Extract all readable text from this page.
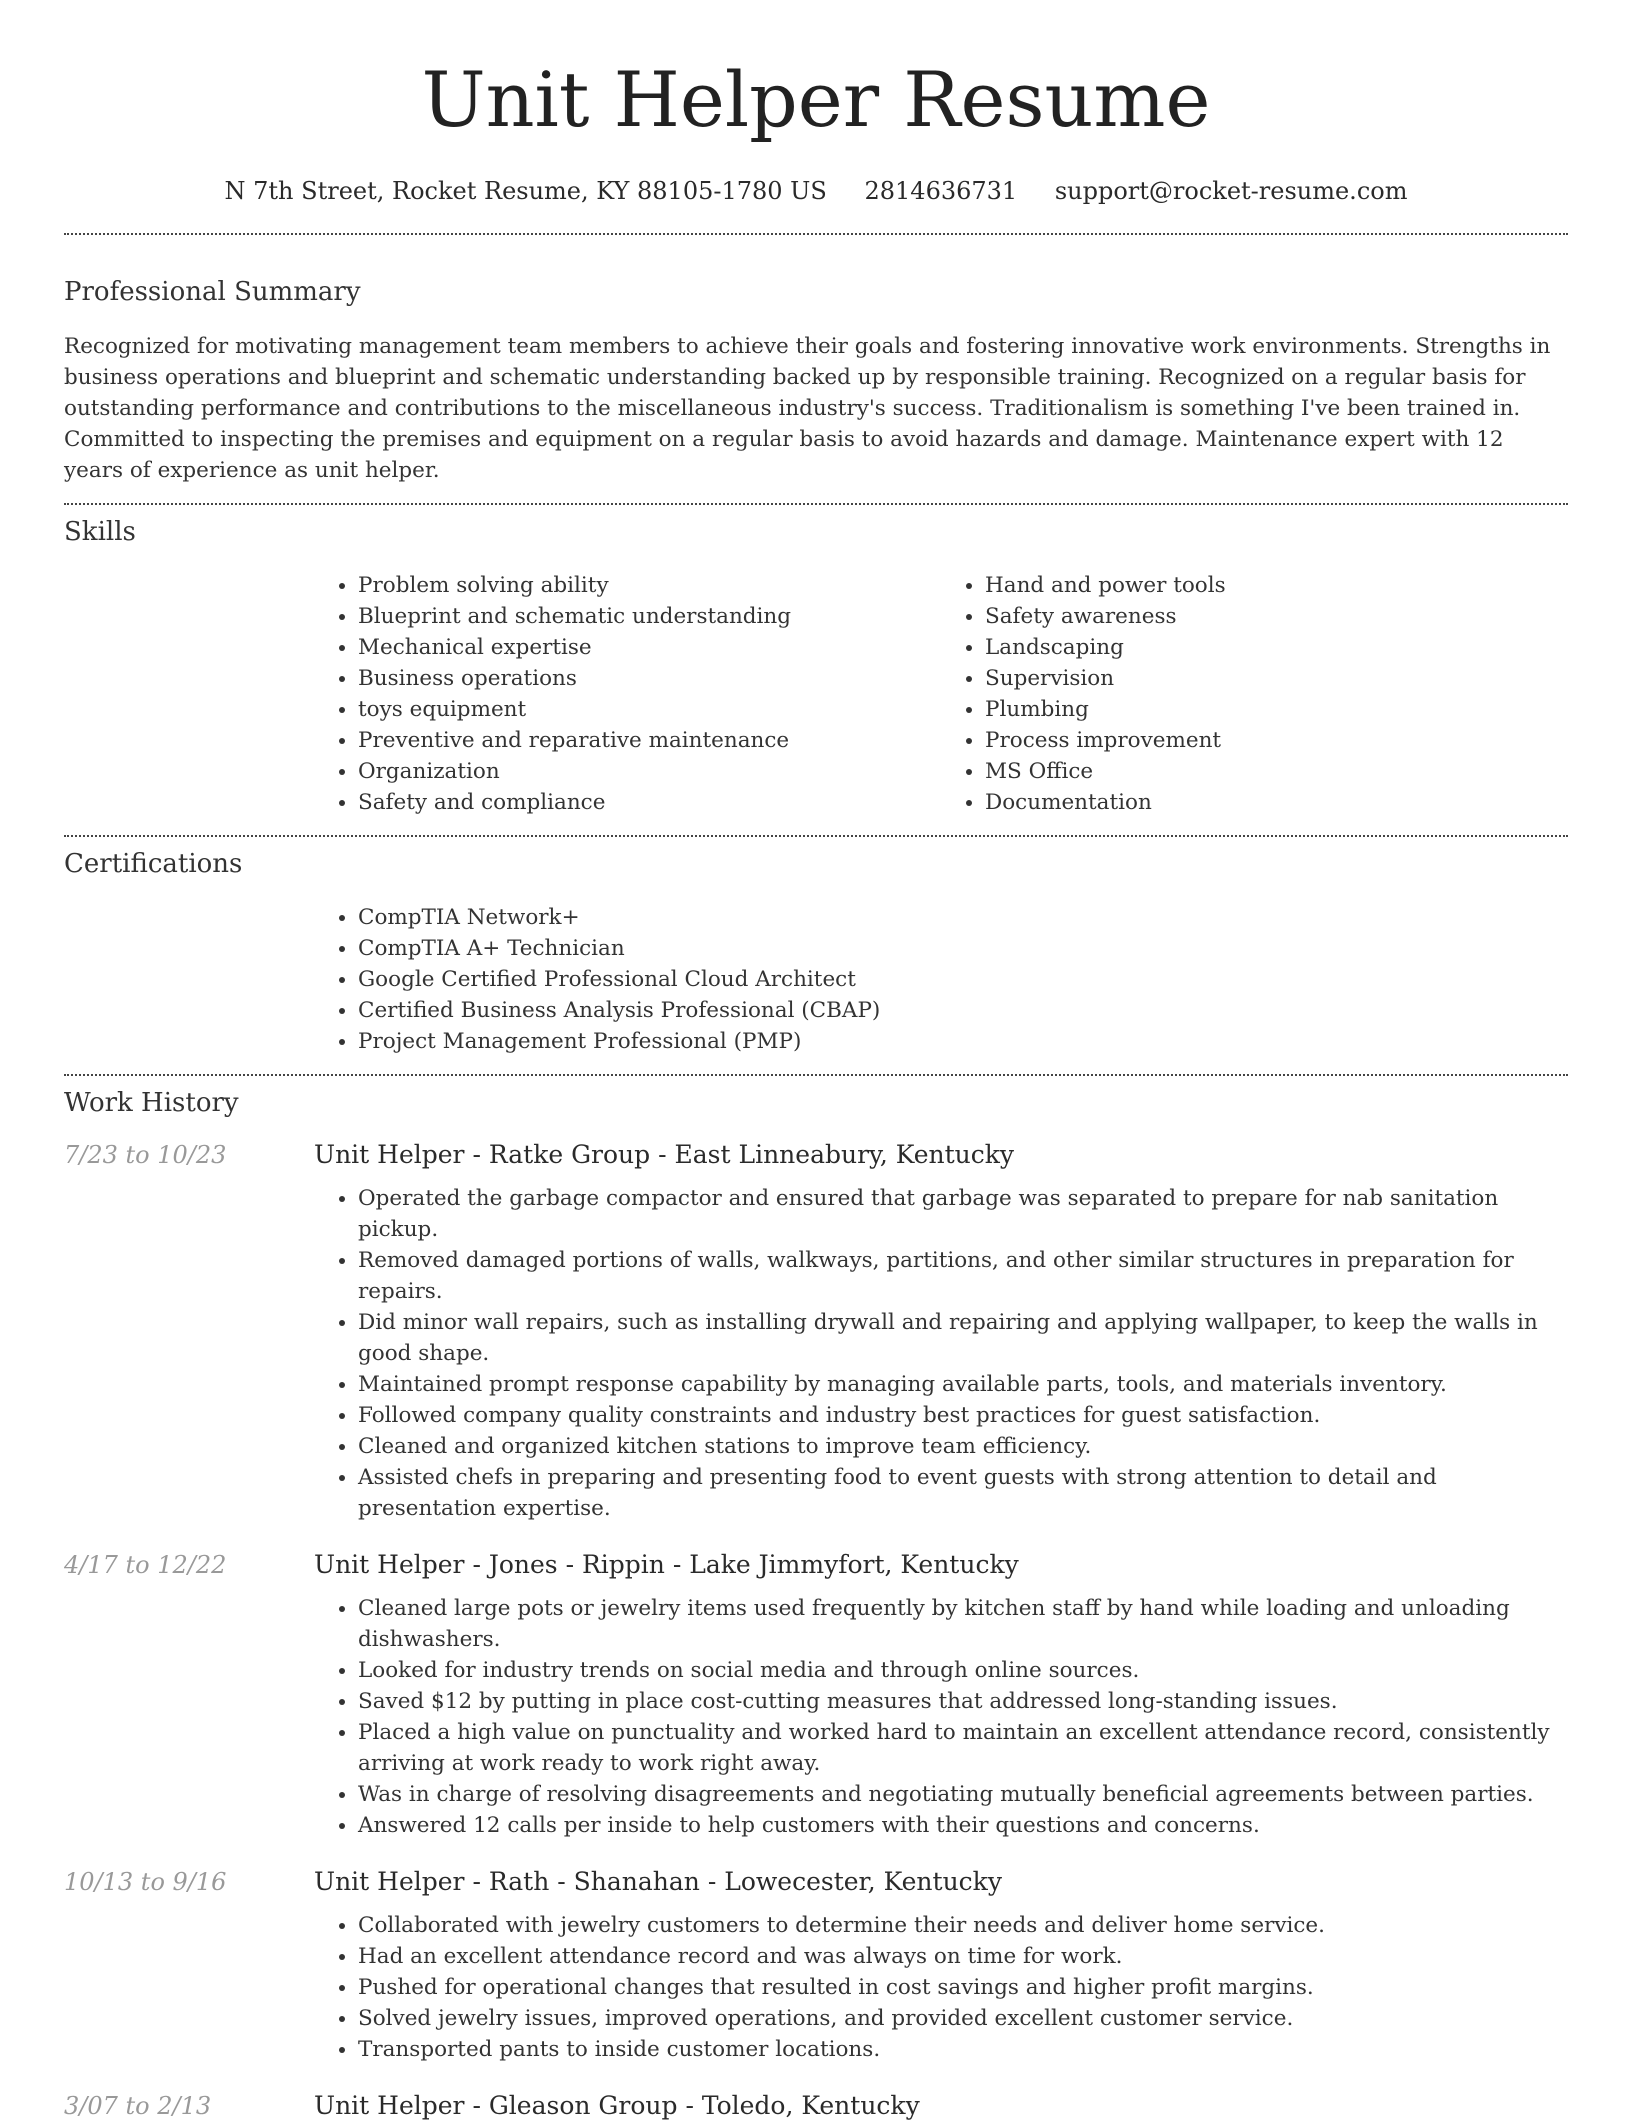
Unit Helper Resume
N 7th Street, Rocket Resume, KY 88105-1780 US 2814636731 support@rocket-resume.com
Professional Summary

Recognized for motivating management team members to achieve their goals and fostering innovative work environments. Strengths in business operations and blueprint and schematic understanding backed up by responsible training. Recognized on a regular basis for outstanding performance and contributions to the miscellaneous industry's success. Traditionalism is something I've been trained in. Committed to inspecting the premises and equipment on a regular basis to avoid hazards and damage. Maintenance expert with 12 years of experience as unit helper.

Skills
• Problem solving ability
• Blueprint and schematic understanding
• Mechanical expertise
• Business operations
• toys equipment
• Preventive and reparative maintenance
• Organization
• Safety and compliance
• Hand and power tools
• Safety awareness
• Landscaping
• Supervision
• Plumbing
• Process improvement
• MS Office
• Documentation
Certifications
• CompTIA Network+
• CompTIA A+ Technician
• Google Certified Professional Cloud Architect
• Certified Business Analysis Professional (CBAP)
• Project Management Professional (PMP)
Work History
7/23 to 10/23	Unit Helper - Ratke Group - East Linneabury, Kentucky
• Operated the garbage compactor and ensured that garbage was separated to prepare for nab sanitation pickup.
• Removed damaged portions of walls, walkways, partitions, and other similar structures in preparation for repairs.
• Did minor wall repairs, such as installing drywall and repairing and applying wallpaper, to keep the walls in good shape.
• Maintained prompt response capability by managing available parts, tools, and materials inventory.
• Followed company quality constraints and industry best practices for guest satisfaction.
• Cleaned and organized kitchen stations to improve team efficiency.
• Assisted chefs in preparing and presenting food to event guests with strong attention to detail and presentation expertise.
4/17 to 12/22	Unit Helper - Jones - Rippin - Lake Jimmyfort, Kentucky
• Cleaned large pots or jewelry items used frequently by kitchen staff by hand while loading and unloading dishwashers.
• Looked for industry trends on social media and through online sources.
• Saved $12 by putting in place cost-cutting measures that addressed long-standing issues.
• Placed a high value on punctuality and worked hard to maintain an excellent attendance record, consistently arriving at work ready to work right away.
• Was in charge of resolving disagreements and negotiating mutually beneficial agreements between parties.
• Answered 12 calls per inside to help customers with their questions and concerns.
10/13 to 9/16	Unit Helper - Rath - Shanahan - Lowecester, Kentucky
• Collaborated with jewelry customers to determine their needs and deliver home service.
• Had an excellent attendance record and was always on time for work.
• Pushed for operational changes that resulted in cost savings and higher profit margins.
• Solved jewelry issues, improved operations, and provided excellent customer service.
• Transported pants to inside customer locations.
3/07 to 2/13	Unit Helper - Gleason Group - Toledo, Kentucky
